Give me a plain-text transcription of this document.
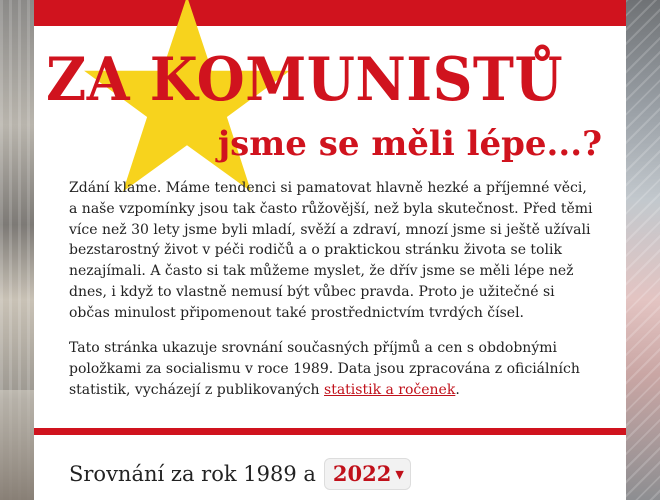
ZA KOMUNISTŮ
jsme se měli lépe...?

Zdání klame. Máme tendenci si pamatovat hlavně hezké a příjemné věci, a naše vzpomínky jsou tak často růžovější, než byla skutečnost. Před těmi více než 30 lety jsme byli mladí, svěží a zdraví, mnozí jsme si ještě užívali bezstarostný život v péči rodičů a o praktickou stránku života se tolik nezajímali. A často si tak můžeme myslet, že dřív jsme se měli lépe než dnes, i když to vlastně nemusí být vůbec pravda. Proto je užitečné si občas minulost připomenout také prostřednictvím tvrdých čísel.

Tato stránka ukazuje srovnání současných příjmů a cen s obdobnými položkami za socialismu v roce 1989. Data jsou zpracována z oficiálních statistik, vycházejí z publikovaných statistik a ročenek.

Srovnání za rok 1989 a 2022 ▼
